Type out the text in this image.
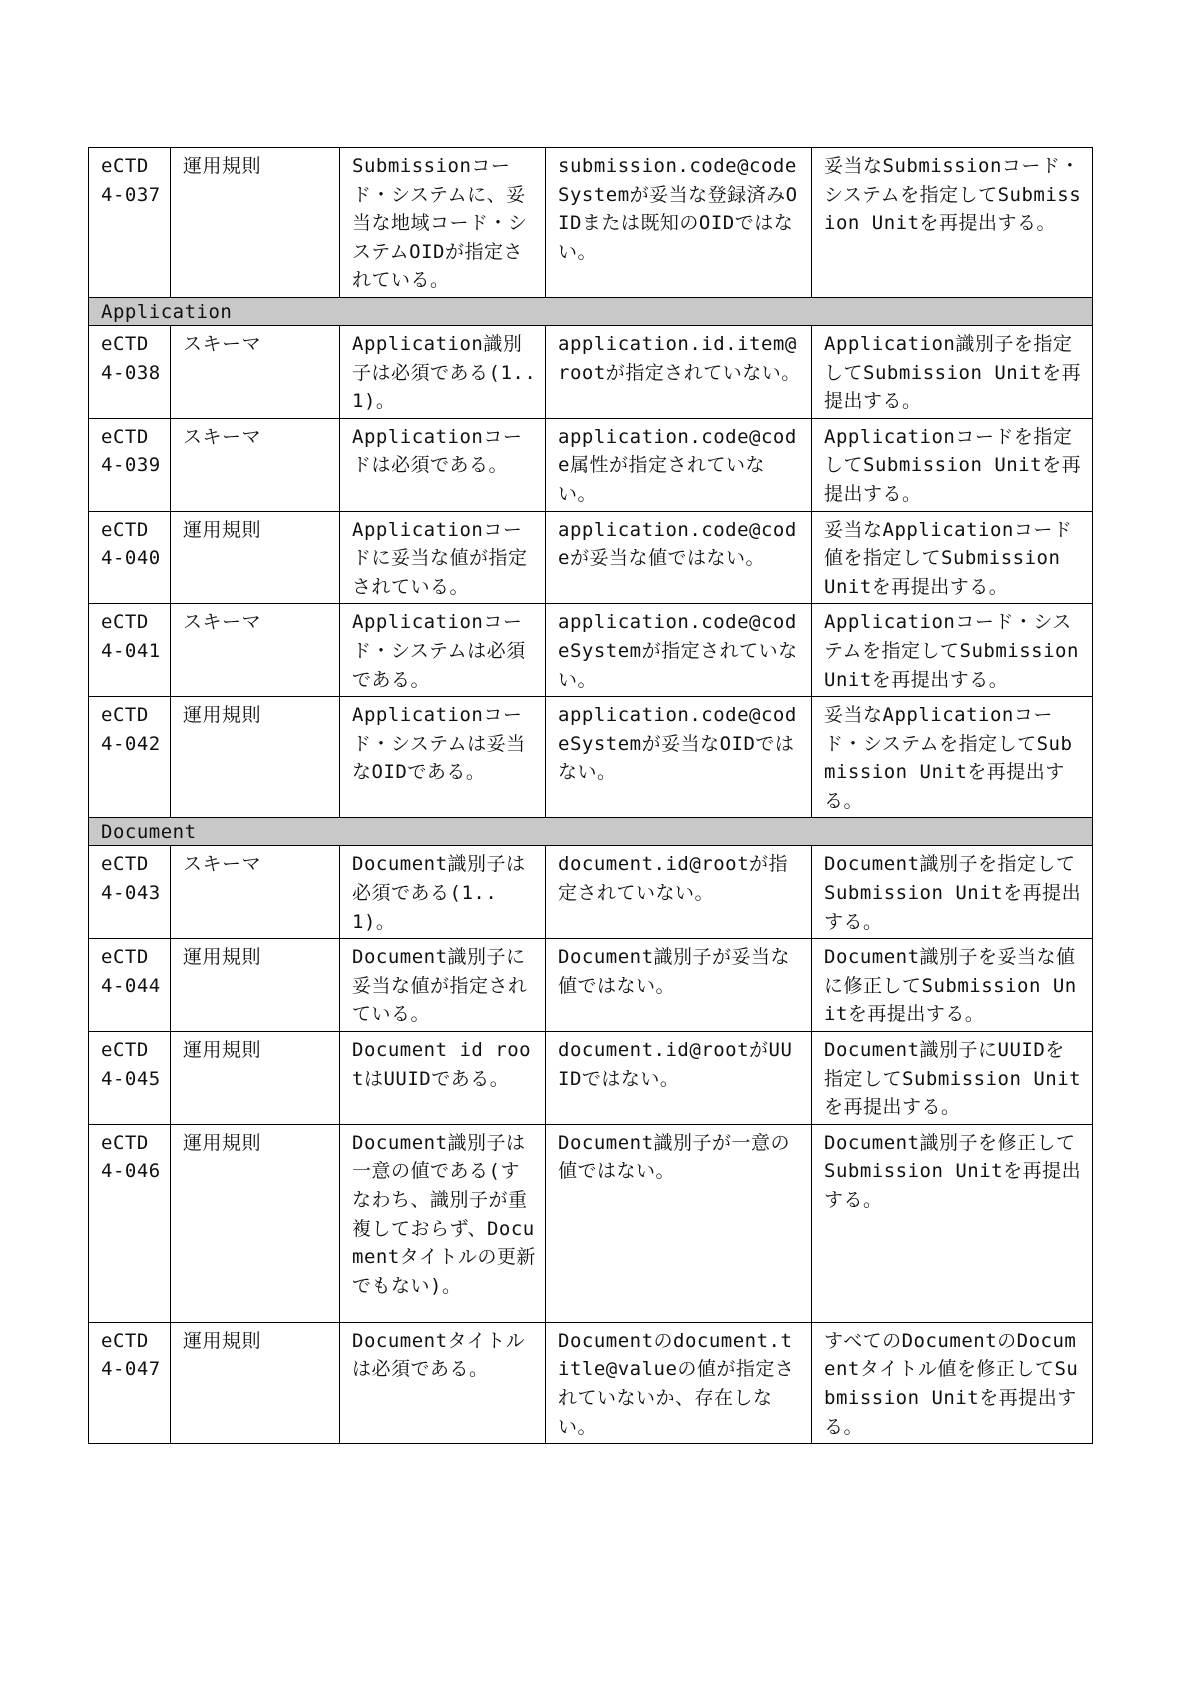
eCTD
4-037	運用規則	Submissionコード・システムに、妥当な地域コード・システムOIDが指定されている。	submission.code@codeSystemが妥当な登録済みOIDまたは既知のOIDではない。	妥当なSubmissionコード・システムを指定してSubmission Unitを再提出する。
Application				

eCTD
4-038	スキーマ	Application識別子は必須である(1..1)。	application.id.item@rootが指定されていない。	Application識別子を指定してSubmission Unitを再提出する。

eCTD
4-039	スキーマ	Applicationコードは必須である。	application.code@code属性が指定されていない。	Applicationコードを指定してSubmission Unitを再提出する。

eCTD
4-040	運用規則	Applicationコードに妥当な値が指定されている。	application.code@codeが妥当な値ではない。	妥当なApplicationコード値を指定してSubmission Unitを再提出する。

eCTD
4-041	スキーマ	Applicationコード・システムは必須である。	application.code@codeSystemが指定されていない。	Applicationコード・システムを指定してSubmission Unitを再提出する。

eCTD
4-042	運用規則	Applicationコード・システムは妥当なOIDである。	application.code@codeSystemが妥当なOIDではない。	妥当なApplicationコード・システムを指定してSubmission Unitを再提出する。
Document				

eCTD
4-043	スキーマ	Document識別子は必須である(1..1)。	document.id@rootが指定されていない。	Document識別子を指定してSubmission Unitを再提出する。

eCTD
4-044	運用規則	Document識別子に妥当な値が指定されている。	Document識別子が妥当な値ではない。	Document識別子を妥当な値に修正してSubmission Unitを再提出する。

eCTD
4-045	運用規則	Document id rootはUUIDである。	document.id@rootがUUIDではない。	Document識別子にUUIDを指定してSubmission Unitを再提出する。

eCTD
4-046	運用規則	Document識別子は一意の値である(すなわち、識別子が重複しておらず、Documentタイトルの更新でもない)。	Document識別子が一意の値ではない。	Document識別子を修正してSubmission Unitを再提出する。

eCTD
4-047	運用規則	Documentタイトルは必須である。	Documentのdocument.title@valueの値が指定されていないか、存在しない。	すべてのDocumentのDocumentタイトル値を修正してSubmission Unitを再提出する。
